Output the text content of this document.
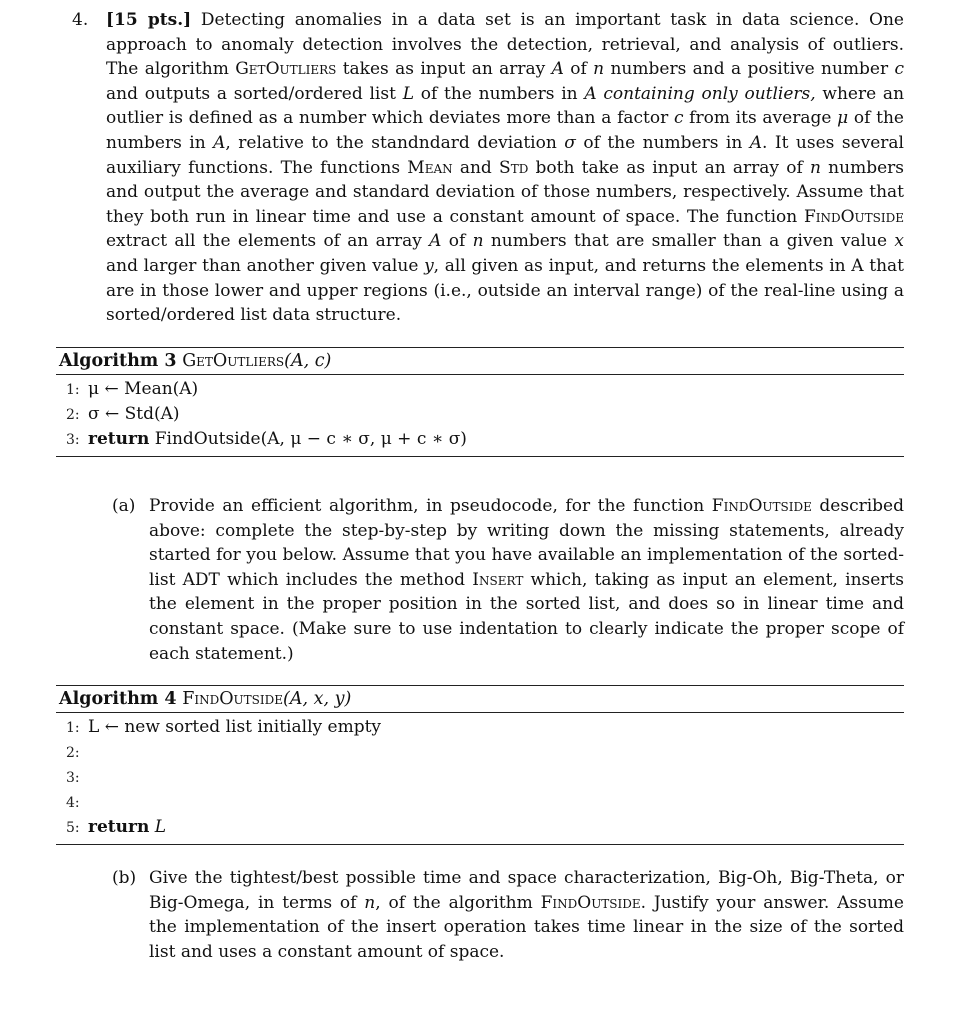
4. [15 pts.] Detecting anomalies in a data set is an important task in data science. One approach to anomaly detection involves the detection, retrieval, and analysis of outliers. The algorithm GetOutliers takes as input an array A of n numbers and a positive number c and outputs a sorted/ordered list L of the numbers in A containing only outliers, where an outlier is defined as a number which deviates more than a factor c from its average μ of the numbers in A, relative to the standndard deviation σ of the numbers in A. It uses several auxiliary functions. The functions Mean and Std both take as input an array of n numbers and output the average and standard deviation of those numbers, respectively. Assume that they both run in linear time and use a constant amount of space. The function FindOutside extract all the elements of an array A of n numbers that are smaller than a given value x and larger than another given value y, all given as input, and returns the elements in A that are in those lower and upper regions (i.e., outside an interval range) of the real-line using a sorted/ordered list data structure.

Algorithm 3 GetOutliers(A, c)
1: μ ← Mean(A)
2: σ ← Std(A)
3: return FindOutside(A, μ − c ∗ σ, μ + c ∗ σ)
(a) Provide an efficient algorithm, in pseudocode, for the function FindOutside described above: complete the step-by-step by writing down the missing statements, already started for you below. Assume that you have available an implementation of the sorted-list ADT which includes the method Insert which, taking as input an element, inserts the element in the proper position in the sorted list, and does so in linear time and constant space. (Make sure to use indentation to clearly indicate the proper scope of each statement.)

Algorithm 4 FindOutside(A, x, y)
1: L ← new sorted list initially empty
2:
3:
4:
5: return L
(b) Give the tightest/best possible time and space characterization, Big-Oh, Big-Theta, or Big-Omega, in terms of n, of the algorithm FindOutside. Justify your answer. Assume the implementation of the insert operation takes time linear in the size of the sorted list and uses a constant amount of space.
